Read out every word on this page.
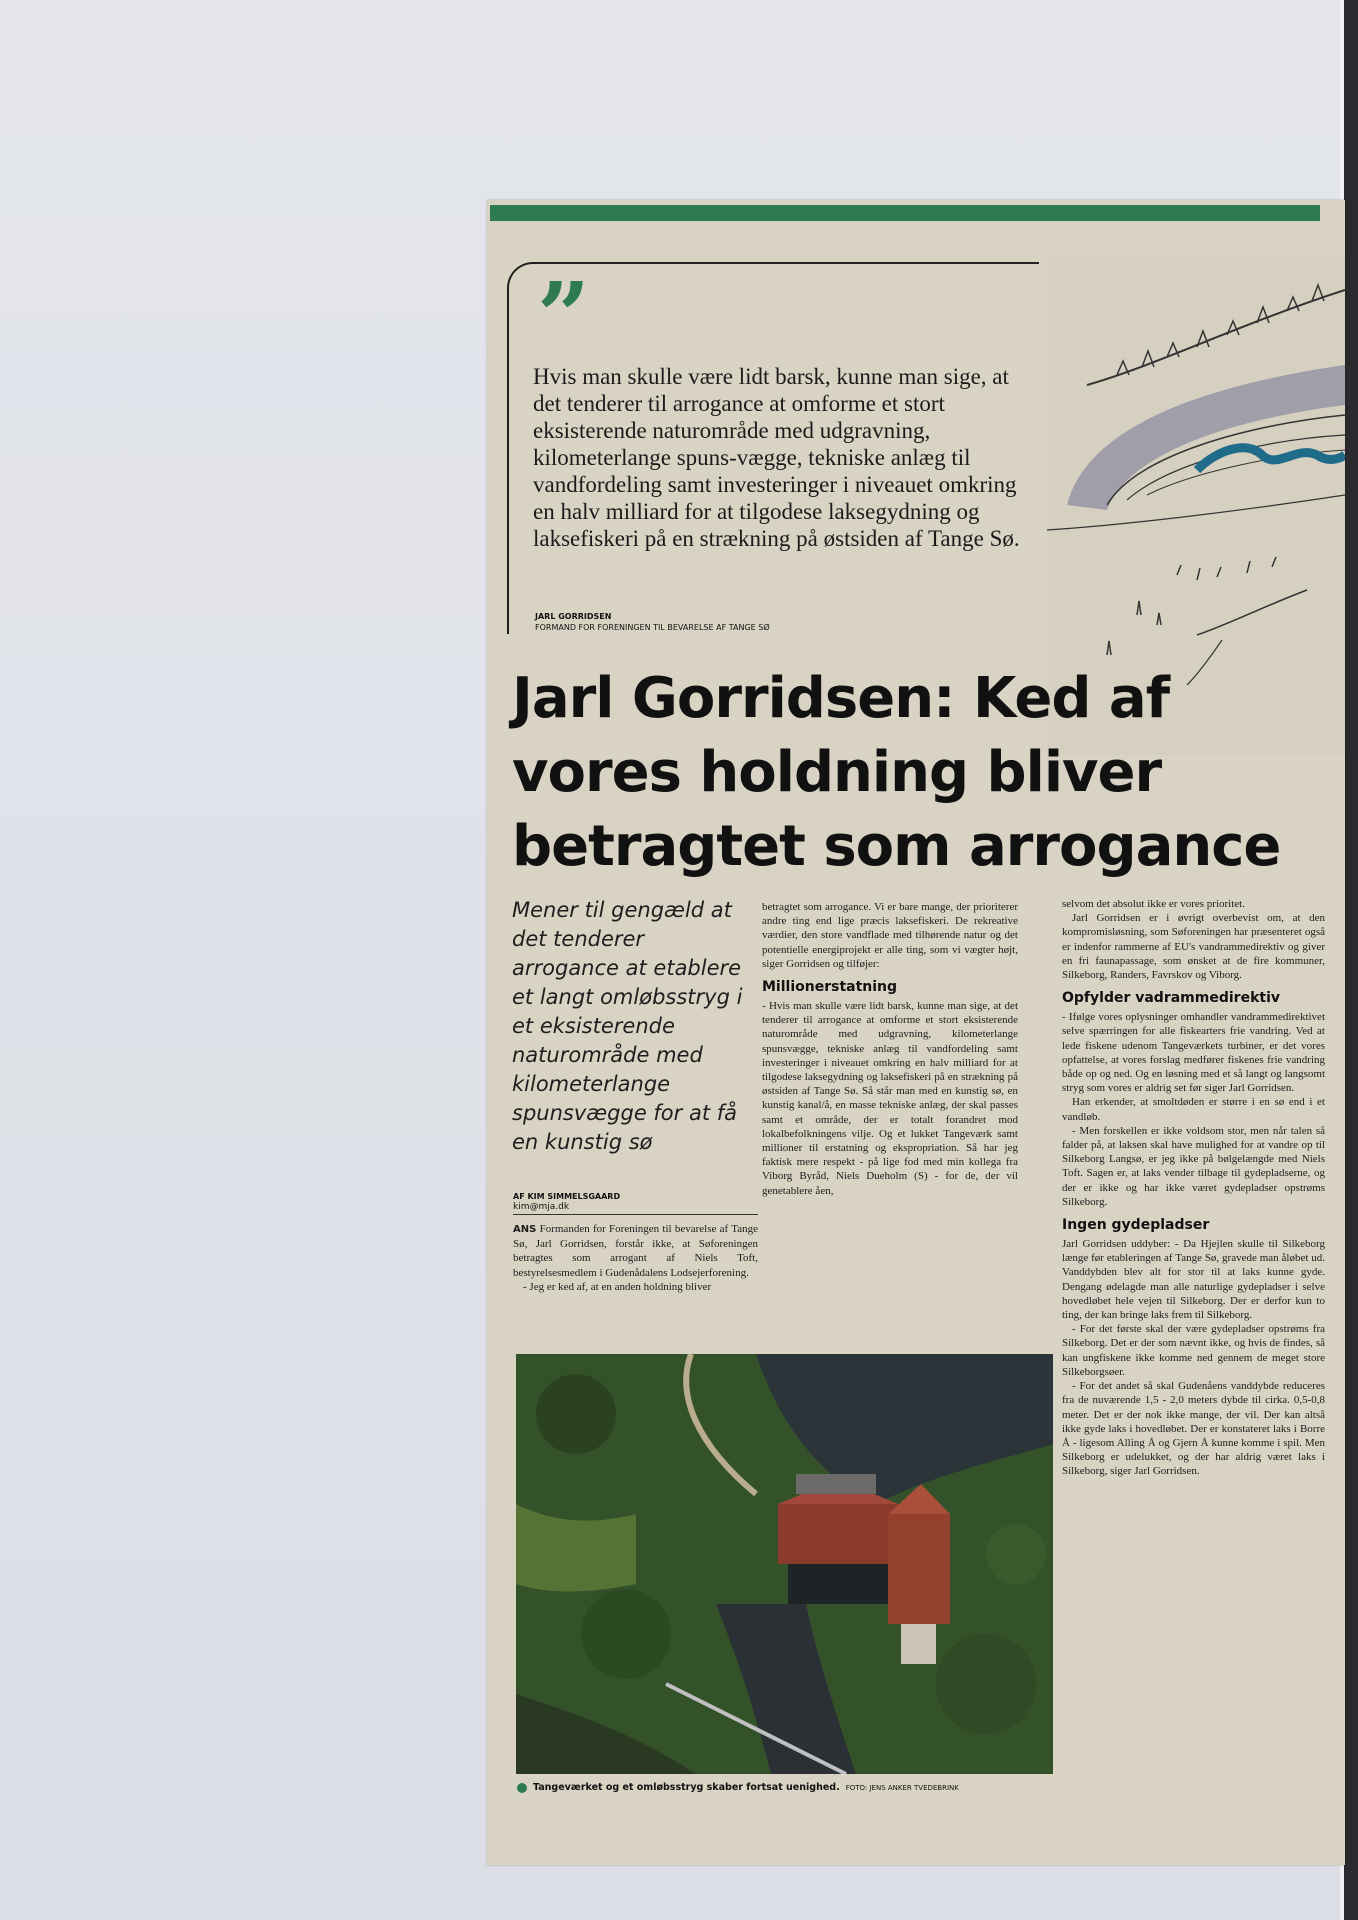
”
Hvis man skulle være lidt barsk, kunne man sige, at det tenderer til arrogance at omforme et stort eksisterende naturområde med udgravning, kilometerlange spuns-vægge, tekniske anlæg til vandfordeling samt investeringer i niveauet omkring en halv milliard for at tilgodese laksegydning og laksefiskeri på en strækning på østsiden af Tange Sø.
JARL GORRIDSEN
FORMAND FOR FORENINGEN TIL BEVARELSE AF TANGE SØ
Jarl Gorridsen: Ked af vores holdning bliver betragtet som arrogance
Mener til gengæld at det tenderer arrogance at etablere et langt omløbsstryg i et eksisterende naturområde med kilometerlange spunsvægge for at få en kunstig sø
AF KIM SIMMELSGAARD
kim@mja.dk

ANS Formanden for Foreningen til bevarelse af Tange Sø, Jarl Gorridsen, forstår ikke, at Søforeningen betragtes som arrogant af Niels Toft, bestyrelsesmedlem i Gudenådalens Lodsejerforening.

- Jeg er ked af, at en anden holdning bliver

betragtet som arrogance. Vi er bare mange, der prioriterer andre ting end lige præcis laksefiskeri. De rekreative værdier, den store vandflade med tilhørende natur og det potentielle energiprojekt er alle ting, som vi vægter højt, siger Gorridsen og tilføjer:

Millionerstatning

- Hvis man skulle være lidt barsk, kunne man sige, at det tenderer til arrogance at omforme et stort eksisterende naturområde med udgravning, kilometerlange spunsvægge, tekniske anlæg til vandfordeling samt investeringer i niveauet omkring en halv milliard for at tilgodese laksegydning og laksefiskeri på en strækning på østsiden af Tange Sø. Så står man med en kunstig sø, en kunstig kanal/å, en masse tekniske anlæg, der skal passes samt et område, der er totalt forandret mod lokalbefolkningens vilje. Og et lukket Tangeværk samt millioner til erstatning og ekspropriation. Så har jeg faktisk mere respekt - på lige fod med min kollega fra Viborg Byråd, Niels Dueholm (S) - for de, der vil genetablere åen,

selvom det absolut ikke er vores prioritet.

Jarl Gorridsen er i øvrigt overbevist om, at den kompromisløsning, som Søforeningen har præsenteret også er indenfor rammerne af EU's vandrammedirektiv og giver en fri faunapassage, som ønsket at de fire kommuner, Silkeborg, Randers, Favrskov og Viborg.

Opfylder vadrammedirektiv

- Ifølge vores oplysninger omhandler vandrammedirektivet selve spærringen for alle fiskearters frie vandring. Ved at lede fiskene udenom Tangeværkets turbiner, er det vores opfattelse, at vores forslag medfører fiskenes frie vandring både op og ned. Og en løsning med et så langt og langsomt stryg som vores er aldrig set før siger Jarl Gorridsen.

Han erkender, at smoltdøden er større i en sø end i et vandløb.

- Men forskellen er ikke voldsom stor, men når talen så falder på, at laksen skal have mulighed for at vandre op til Silkeborg Langsø, er jeg ikke på bølgelængde med Niels Toft. Sagen er, at laks vender tilbage til gydepladserne, og der er ikke og har ikke været gydepladser opstrøms Silkeborg.

Ingen gydepladser

Jarl Gorridsen uddyber: - Da Hjejlen skulle til Silkeborg længe før etableringen af Tange Sø, gravede man åløbet ud. Vanddybden blev alt for stor til at laks kunne gyde. Dengang ødelagde man alle naturlige gydepladser i selve hovedløbet hele vejen til Silkeborg. Der er derfor kun to ting, der kan bringe laks frem til Silkeborg.

- For det første skal der være gydepladser opstrøms fra Silkeborg. Det er der som nævnt ikke, og hvis de findes, så kan ungfiskene ikke komme ned gennem de meget store Silkeborgsøer.

- For det andet så skal Gudenåens vanddybde reduceres fra de nuværende 1,5 - 2,0 meters dybde til cirka. 0,5-0,8 meter. Det er der nok ikke mange, der vil. Der kan altså ikke gyde laks i hovedløbet. Der er konstateret laks i Borre Å - ligesom Alling Å og Gjern Å kunne komme i spil. Men Silkeborg er udelukket, og der har aldrig været laks i Silkeborg, siger Jarl Gorridsen.

Tangeværket og et omløbsstryg skaber fortsat uenighed. FOTO: JENS ANKER TVEDEBRINK
